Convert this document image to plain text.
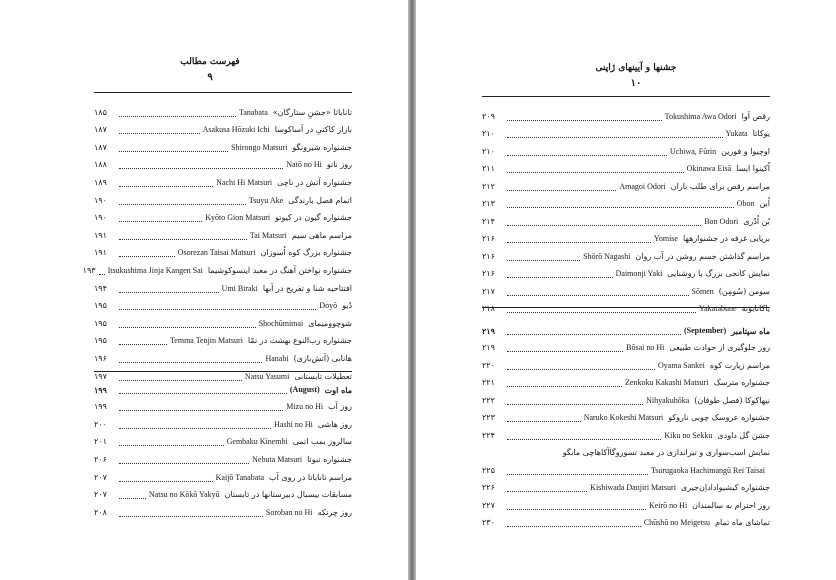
فهرست مطالب
۹
تاناباتا «جشنِ ستارگان»
Tanabata
۱۸۵
بازار کاکتیِ در آساکوسا
Asakusa Hōzuki Ichi
۱۸۷
جشنواره شیرونگو
Shirongo Matsuri
۱۸۷
روز ناتو
Natō no Hi
۱۸۸
جشنواره آتش در ناچی
Nachi Hi Matsuri
۱۸۹
اتمام فصل بارندگی
Tsuyu Ake
۱۹۰
جشنواره گیون در کیوتو
Kyōto Gion Matsuri
۱۹۰
مراسم ماهی سیم
Tai Matsuri
۱۹۱
جشنواره بزرگ کوه اُسوزان
Osorezan Taisai Matsuri
۱۹۱
جشنواره نواختن آهنگ در معبد ایتسوکوشیما
Itsukushima Jinja Kangen Sai
۱۹۳
افتتاحیه شنا و تفریح در آبها
Umi Biraki
۱۹۴
دُیو
Doyō
۱۹۵
شوچوومیمای
Shochūmimai
۱۹۵
جشنواره رب‌النوع بهشت در تمّا
Temma Tenjin Matsuri
۱۹۵
هانابی (آتش‌بازی)
Hanabi
۱۹۶
تعطیلات تابستانی
Natsu Yasumi
۱۹۷
ماه اوت
(August)
۱۹۹
روز آب
Mizu no Hi
۱۹۹
روز هاشی
Hashi no Hi
۲۰۰
سالروز بمب اتمی
Gembaku Kinembi
۲۰۱
جشنواره نبوتا
Nebuta Matsuri
۲۰۶
مراسم تاناباتا در روی آب
Kaijō Tanabata
۲۰۷
مسابقات بیسبال دبیرستانها در تابستان
Natsu no Kōkō Yakyū
۲۰۷
روز چرتکه
Soroban no Hi
۲۰۸
جشنها و آیینهای ژاپنی
۱۰
رقص آوا
Tokushima Awa Odori
۲۰۹
یوکاتا
Yukata
۲۱۰
اوچیوا و فورین
Uchiwa, Fūrin
۲۱۰
اُکینوا ایسا
Okinawa Eisā
۲۱۱
مراسم رقص برای طلب باران
Amagoi Odori
۲۱۲
اُبن
Obon
۲۱۳
بُن اُدُری
Bon Odori
۲۱۴
برپایی غرفه در جشنوارهها
Yomise
۲۱۶
مراسم گذاشتن جسم روشن در آب روان
Shōrō Nagashi
۲۱۶
نمایش کانجی بزرگ با روشنایی
Daimonji Yaki
۲۱۶
سومن (سُومِن)
Sōmen
۲۱۷
یاکاتابونه
Yakatabune
۲۱۸
ماه سپتامبر
(September)
۲۱۹
روز جلوگیری از حوادث طبیعی
Bōsai no Hi
۲۱۹
مراسم زیارت کوه
Oyama Sankei
۲۲۰
جشنواره مترسک
Zenkoku Kakashi Matsuri
۲۲۱
نیهاکوکا (فصل طوفان)
Nihyakuhōka
۲۲۲
جشنواره عروسک چوبی ناروکو
Naruko Kokeshi Matsuri
۲۲۳
جشن گل داودی
Kiku no Sekku
۲۲۴
نمایش اسب‌سواری و تیراندازی در معبد تسوروگاآکاهاچی مانگو
Tsurugaoka Hachimangū Rei Taisai
۲۲۵
جشنواره کیشیواداداِن‌جیری
Kishiwada Danjiri Matsuri
۲۲۶
روز احترام به سالمندان
Keirō no Hi
۲۲۷
تماشای ماه تمام
Chūshū no Meigetsu
۲۳۰
